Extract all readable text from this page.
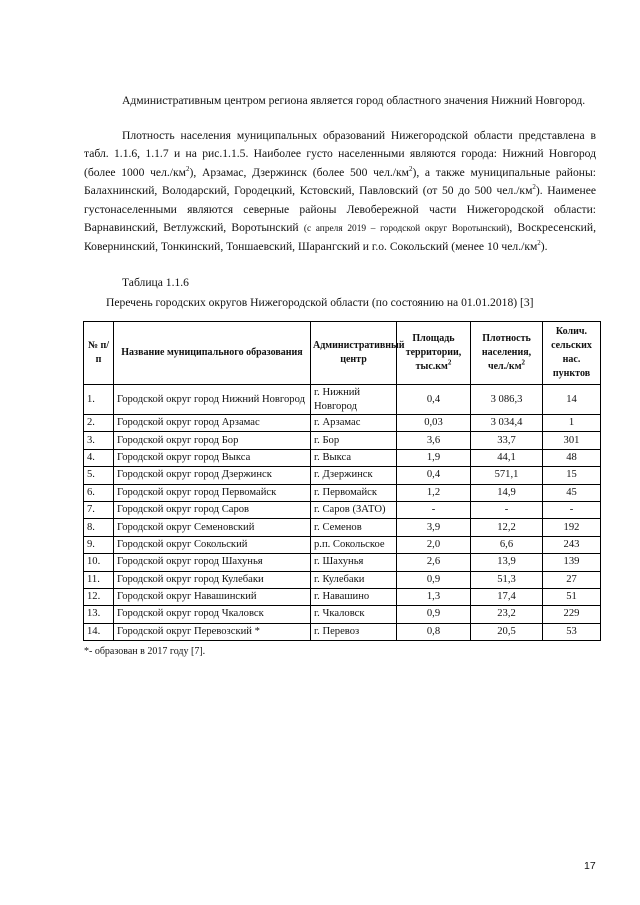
Административным центром региона является город областного значения Нижний Новгород.

Плотность населения муниципальных образований Нижегородской области представлена в табл. 1.1.6, 1.1.7 и на рис.1.1.5. Наиболее густо населенными являются города: Нижний Новгород (более 1000 $чел./км^2$), Арзамас, Дзержинск (более 500 $чел./км^2$), а также муниципальные районы: Балахнинский, Володарский, Городецкий, Кстовский, Павловский (от 50 до 500 $чел./км^2$). Наименее густонаселенными являются северные районы Левобережной части Нижегородской области: Варнавинский, Ветлужский, Воротынский (с апреля 2019 – городской округ Воротынский), Воскресенский, Ковернинский, Тонкинский, Тоншаевский, Шарангский и г.о. Сокольский (менее 10 $чел./км^2$).

Таблица 1.1.6

Перечень городских округов Нижегородской области (по состоянию на 01.01.2018) [3]

№ п/п	Название муниципального образования	Административный центр	Площадь территории, $тыс.км^2$	Плотность населения, $чел./км^2$	Колич. сельских нас. пунктов
1.	Городской округ город Нижний Новгород	г. Нижний Новгород	0,4	3 086,3	14
2.	Городской округ город Арзамас	г. Арзамас	0,03	3 034,4	1
3.	Городской округ город Бор	г. Бор	3,6	33,7	301
4.	Городской округ город Выкса	г. Выкса	1,9	44,1	48
5.	Городской округ город Дзержинск	г. Дзержинск	0,4	571,1	15
6.	Городской округ город Первомайск	г. Первомайск	1,2	14,9	45
7.	Городской округ город Саров	г. Саров (ЗАТО)	-	-	-
8.	Городской округ Семеновский	г. Семенов	3,9	12,2	192
9.	Городской округ Сокольский	р.п. Сокольское	2,0	6,6	243
10.	Городской округ город Шахунья	г. Шахунья	2,6	13,9	139
11.	Городской округ город Кулебаки	г. Кулебаки	0,9	51,3	27
12.	Городской округ Навашинский	г. Навашино	1,3	17,4	51
13.	Городской округ город Чкаловск	г. Чкаловск	0,9	23,2	229
14.	Городской округ Перевозский *	г. Перевоз	0,8	20,5	53

*- образован в 2017 году [7].

17
